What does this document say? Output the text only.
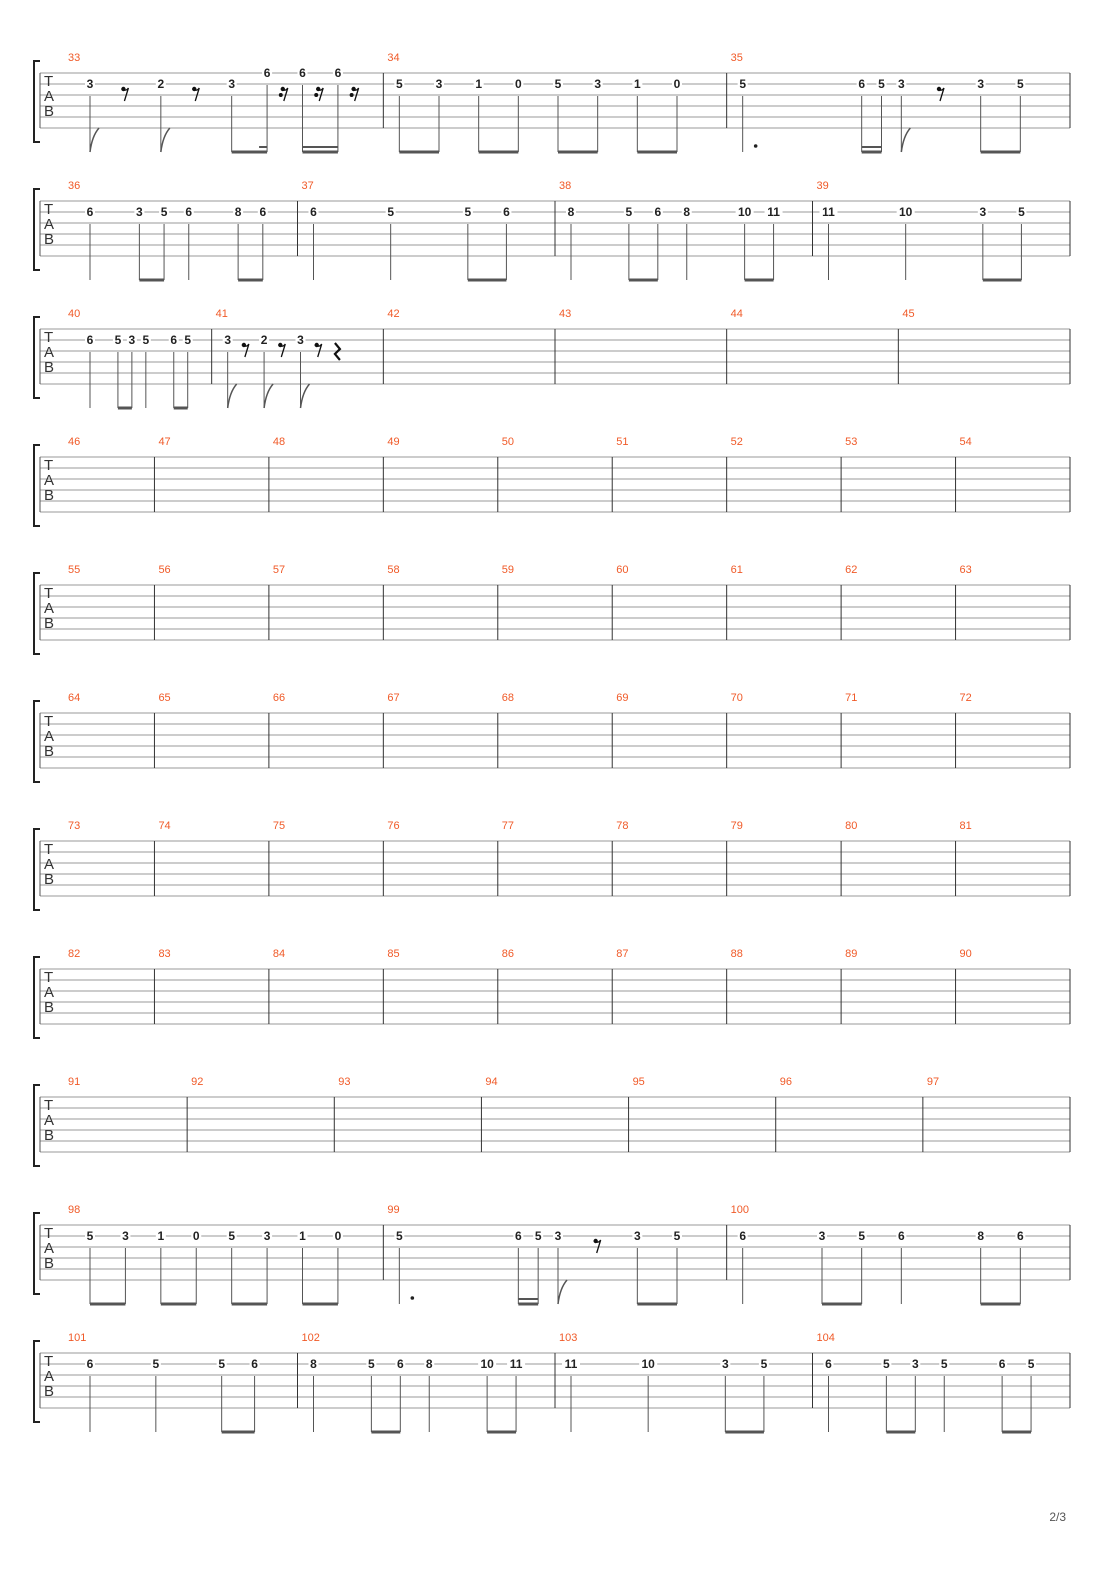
T
A
B
33
3	2	3
6 6 6
34
5	3	1	0	5	3	1	0
35
5	6 5 3	3	5
T
A
B
36
6	3 5 6	8 6
37
6	5	5	6
38
8	5 6 8	10 11
39
11	10	3	5
T
A
B
40
6 5 3 5 6 5
41
3 2 3
42	43	44	45
T
A
B
46	47	48	49	50	51	52	53	54
T
A
B
55	56	57	58	59	60	61	62	63
T
A
B
64	65	66	67	68	69	70	71	72
T
A
B
73	74	75	76	77	78	79	80	81
T
A
B
82	83	84	85	86	87	88	89	90
T
A
B
91	92	93	94	95	96	97
T
A
B
98
5 3 1 0 5 3 1 0
99
5	6 5 3	3	5
100
6	3	5	6	8	6
T
A
B
101
6	5	5 6
102
8	5 6 8	10 11
103
11	10	3	5
104
6	5 3 5	6 5
2/3
